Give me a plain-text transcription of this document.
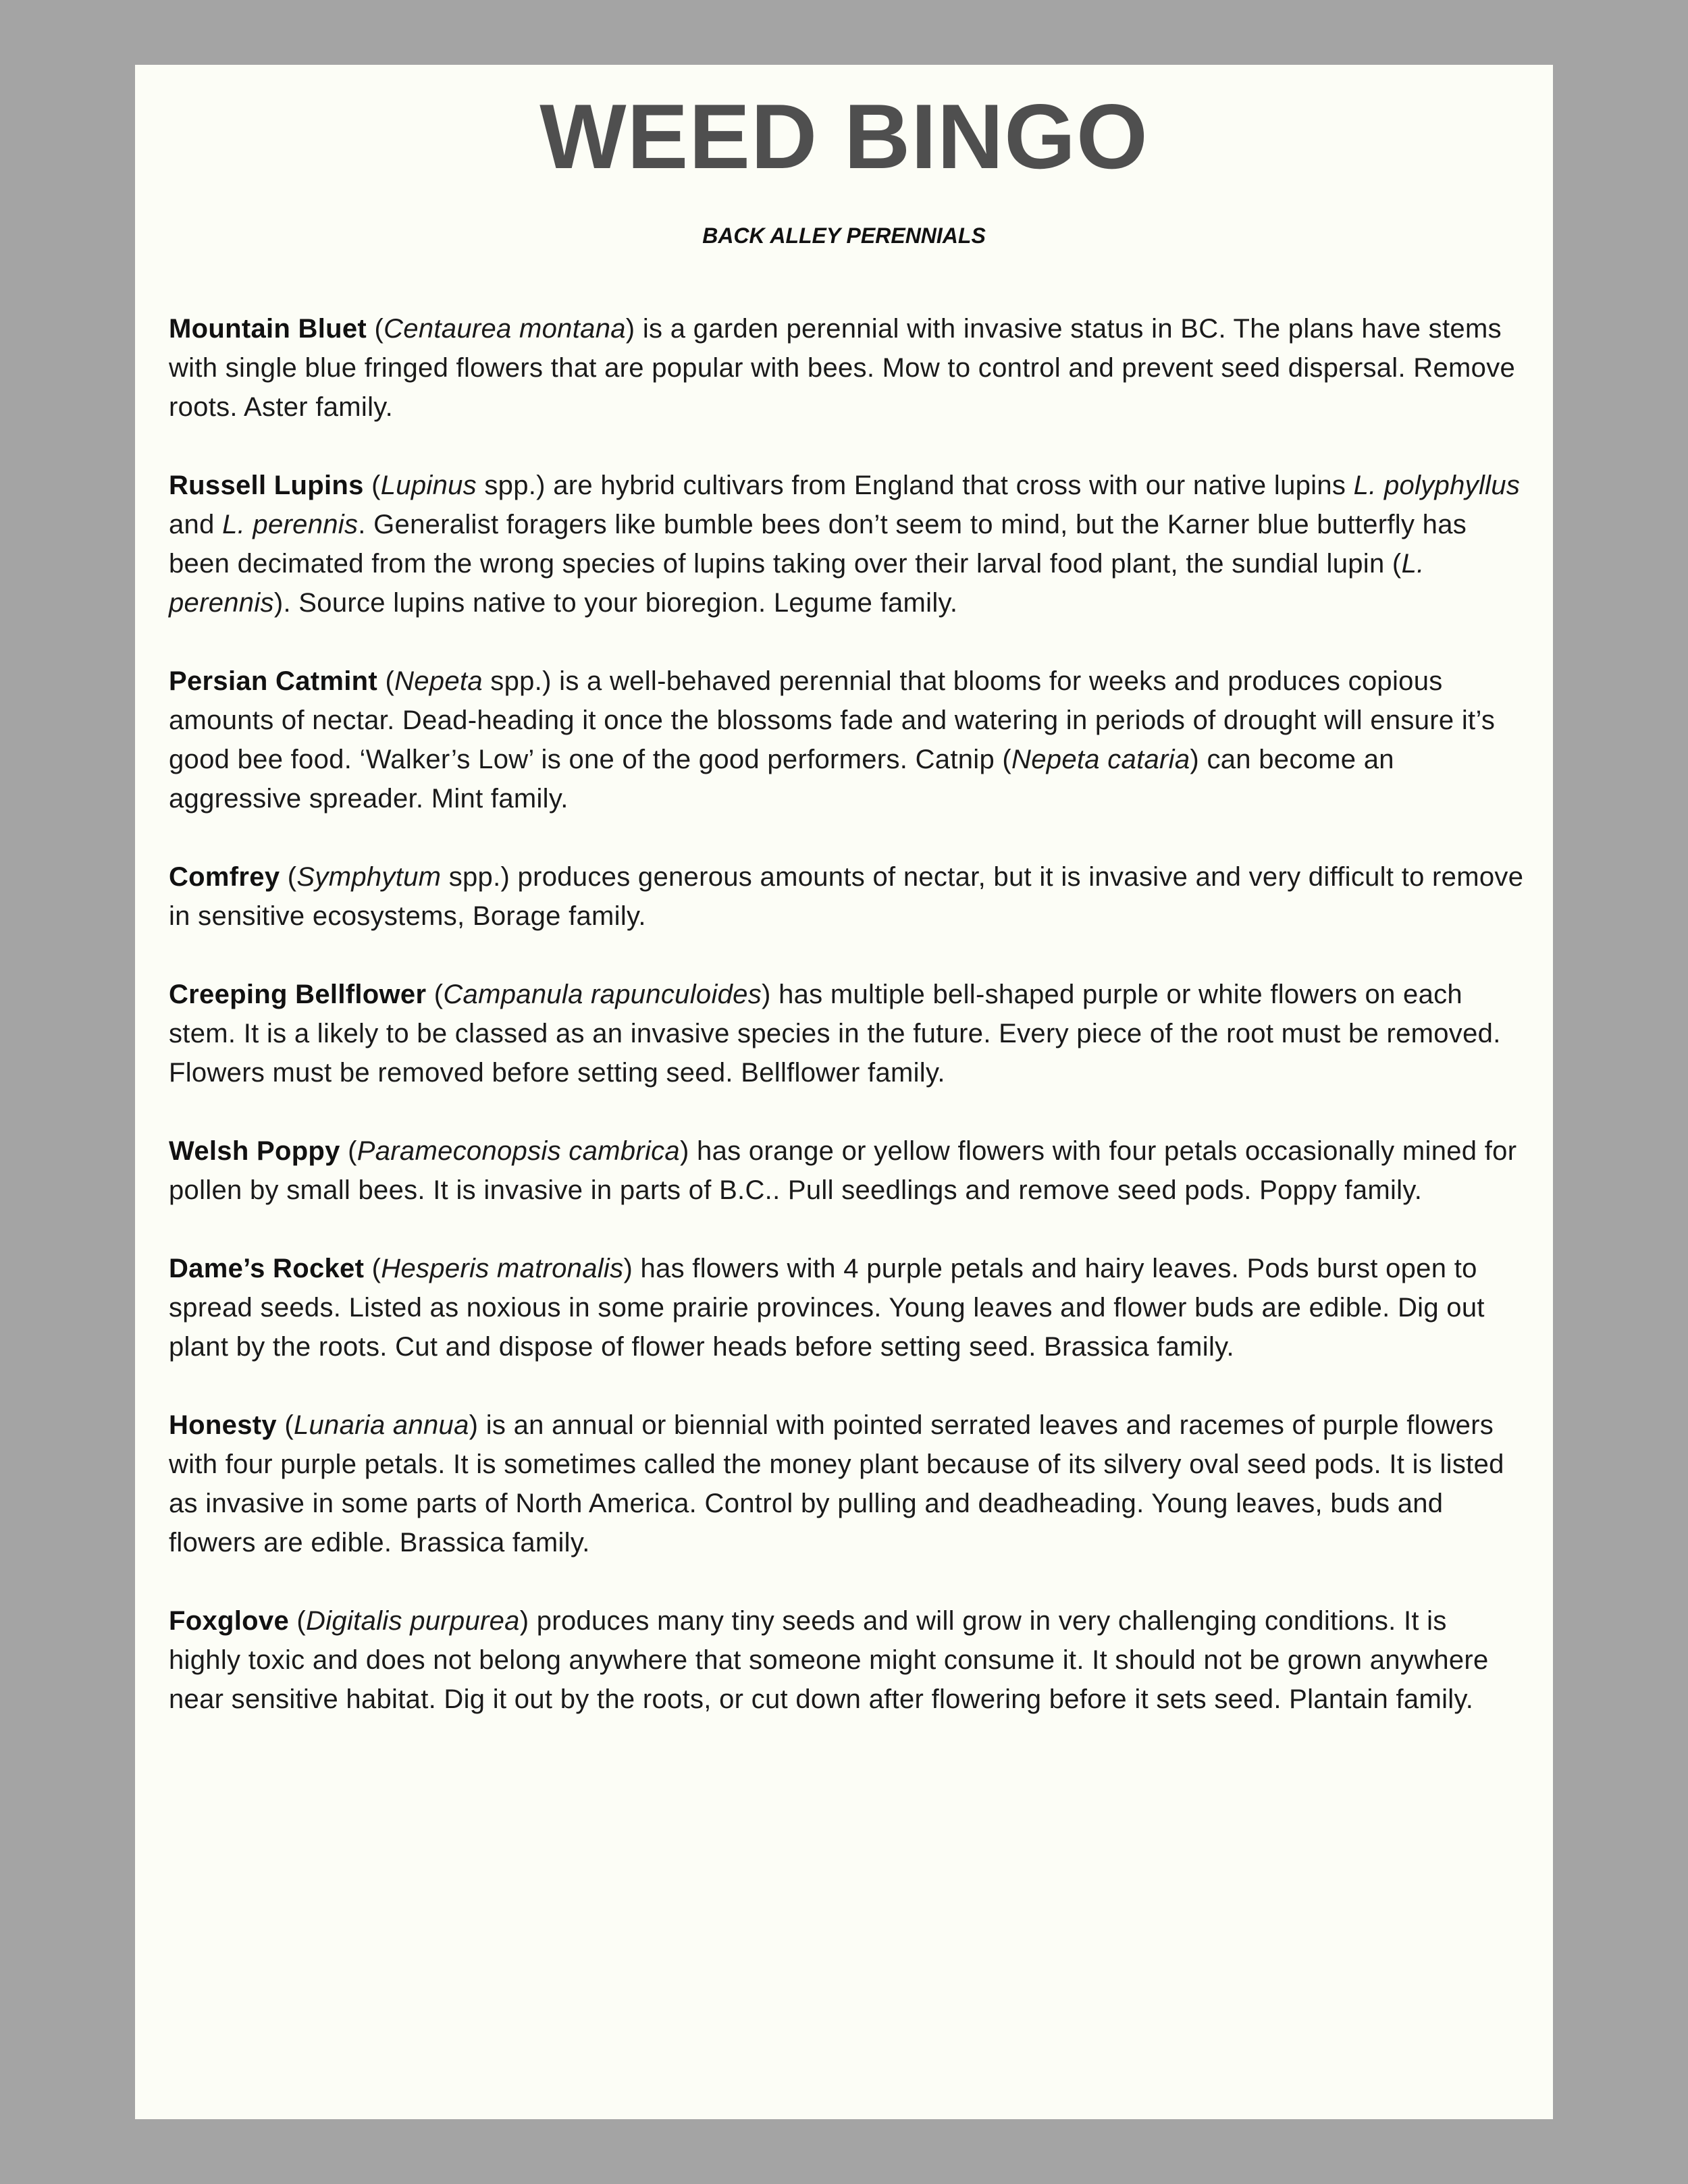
WEED BINGO
BACK ALLEY PERENNIALS

Mountain Bluet (Centaurea montana) is a garden perennial with invasive status in BC. The plans have stems with single blue fringed flowers that are popular with bees. Mow to control and prevent seed dispersal. Remove roots. Aster family.

Russell Lupins (Lupinus spp.) are hybrid cultivars from England that cross with our native lupins L. polyphyllus and L. perennis. Generalist foragers like bumble bees don’t seem to mind, but the Karner blue butterfly has been decimated from the wrong species of lupins taking over their larval food plant, the sundial lupin (L. perennis). Source lupins native to your bioregion. Legume family.

Persian Catmint (Nepeta spp.) is a well-behaved perennial that blooms for weeks and produces copious amounts of nectar. Dead-heading it once the blossoms fade and watering in periods of drought will ensure it’s good bee food. ‘Walker’s Low’ is one of the good performers. Catnip (Nepeta cataria) can become an aggressive spreader. Mint family.

Comfrey (Symphytum spp.) produces generous amounts of nectar, but it is invasive and very difficult to remove in sensitive ecosystems, Borage family.

Creeping Bellflower (Campanula rapunculoides) has multiple bell-shaped purple or white flowers on each stem. It is a likely to be classed as an invasive species in the future. Every piece of the root must be removed. Flowers must be removed before setting seed. Bellflower family.

Welsh Poppy (Parameconopsis cambrica) has orange or yellow flowers with four petals occasionally mined for pollen by small bees. It is invasive in parts of B.C.. Pull seedlings and remove seed pods. Poppy family.

Dame’s Rocket (Hesperis matronalis) has flowers with 4 purple petals and hairy leaves. Pods burst open to spread seeds. Listed as noxious in some prairie provinces. Young leaves and flower buds are edible. Dig out plant by the roots. Cut and dispose of flower heads before setting seed. Brassica family.

Honesty (Lunaria annua) is an annual or biennial with pointed serrated leaves and racemes of purple flowers with four purple petals. It is sometimes called the money plant because of its silvery oval seed pods. It is listed as invasive in some parts of North America. Control by pulling and deadheading. Young leaves, buds and flowers are edible. Brassica family.

Foxglove (Digitalis purpurea) produces many tiny seeds and will grow in very challenging conditions. It is highly toxic and does not belong anywhere that someone might consume it. It should not be grown anywhere near sensitive habitat. Dig it out by the roots, or cut down after flowering before it sets seed. Plantain family.
